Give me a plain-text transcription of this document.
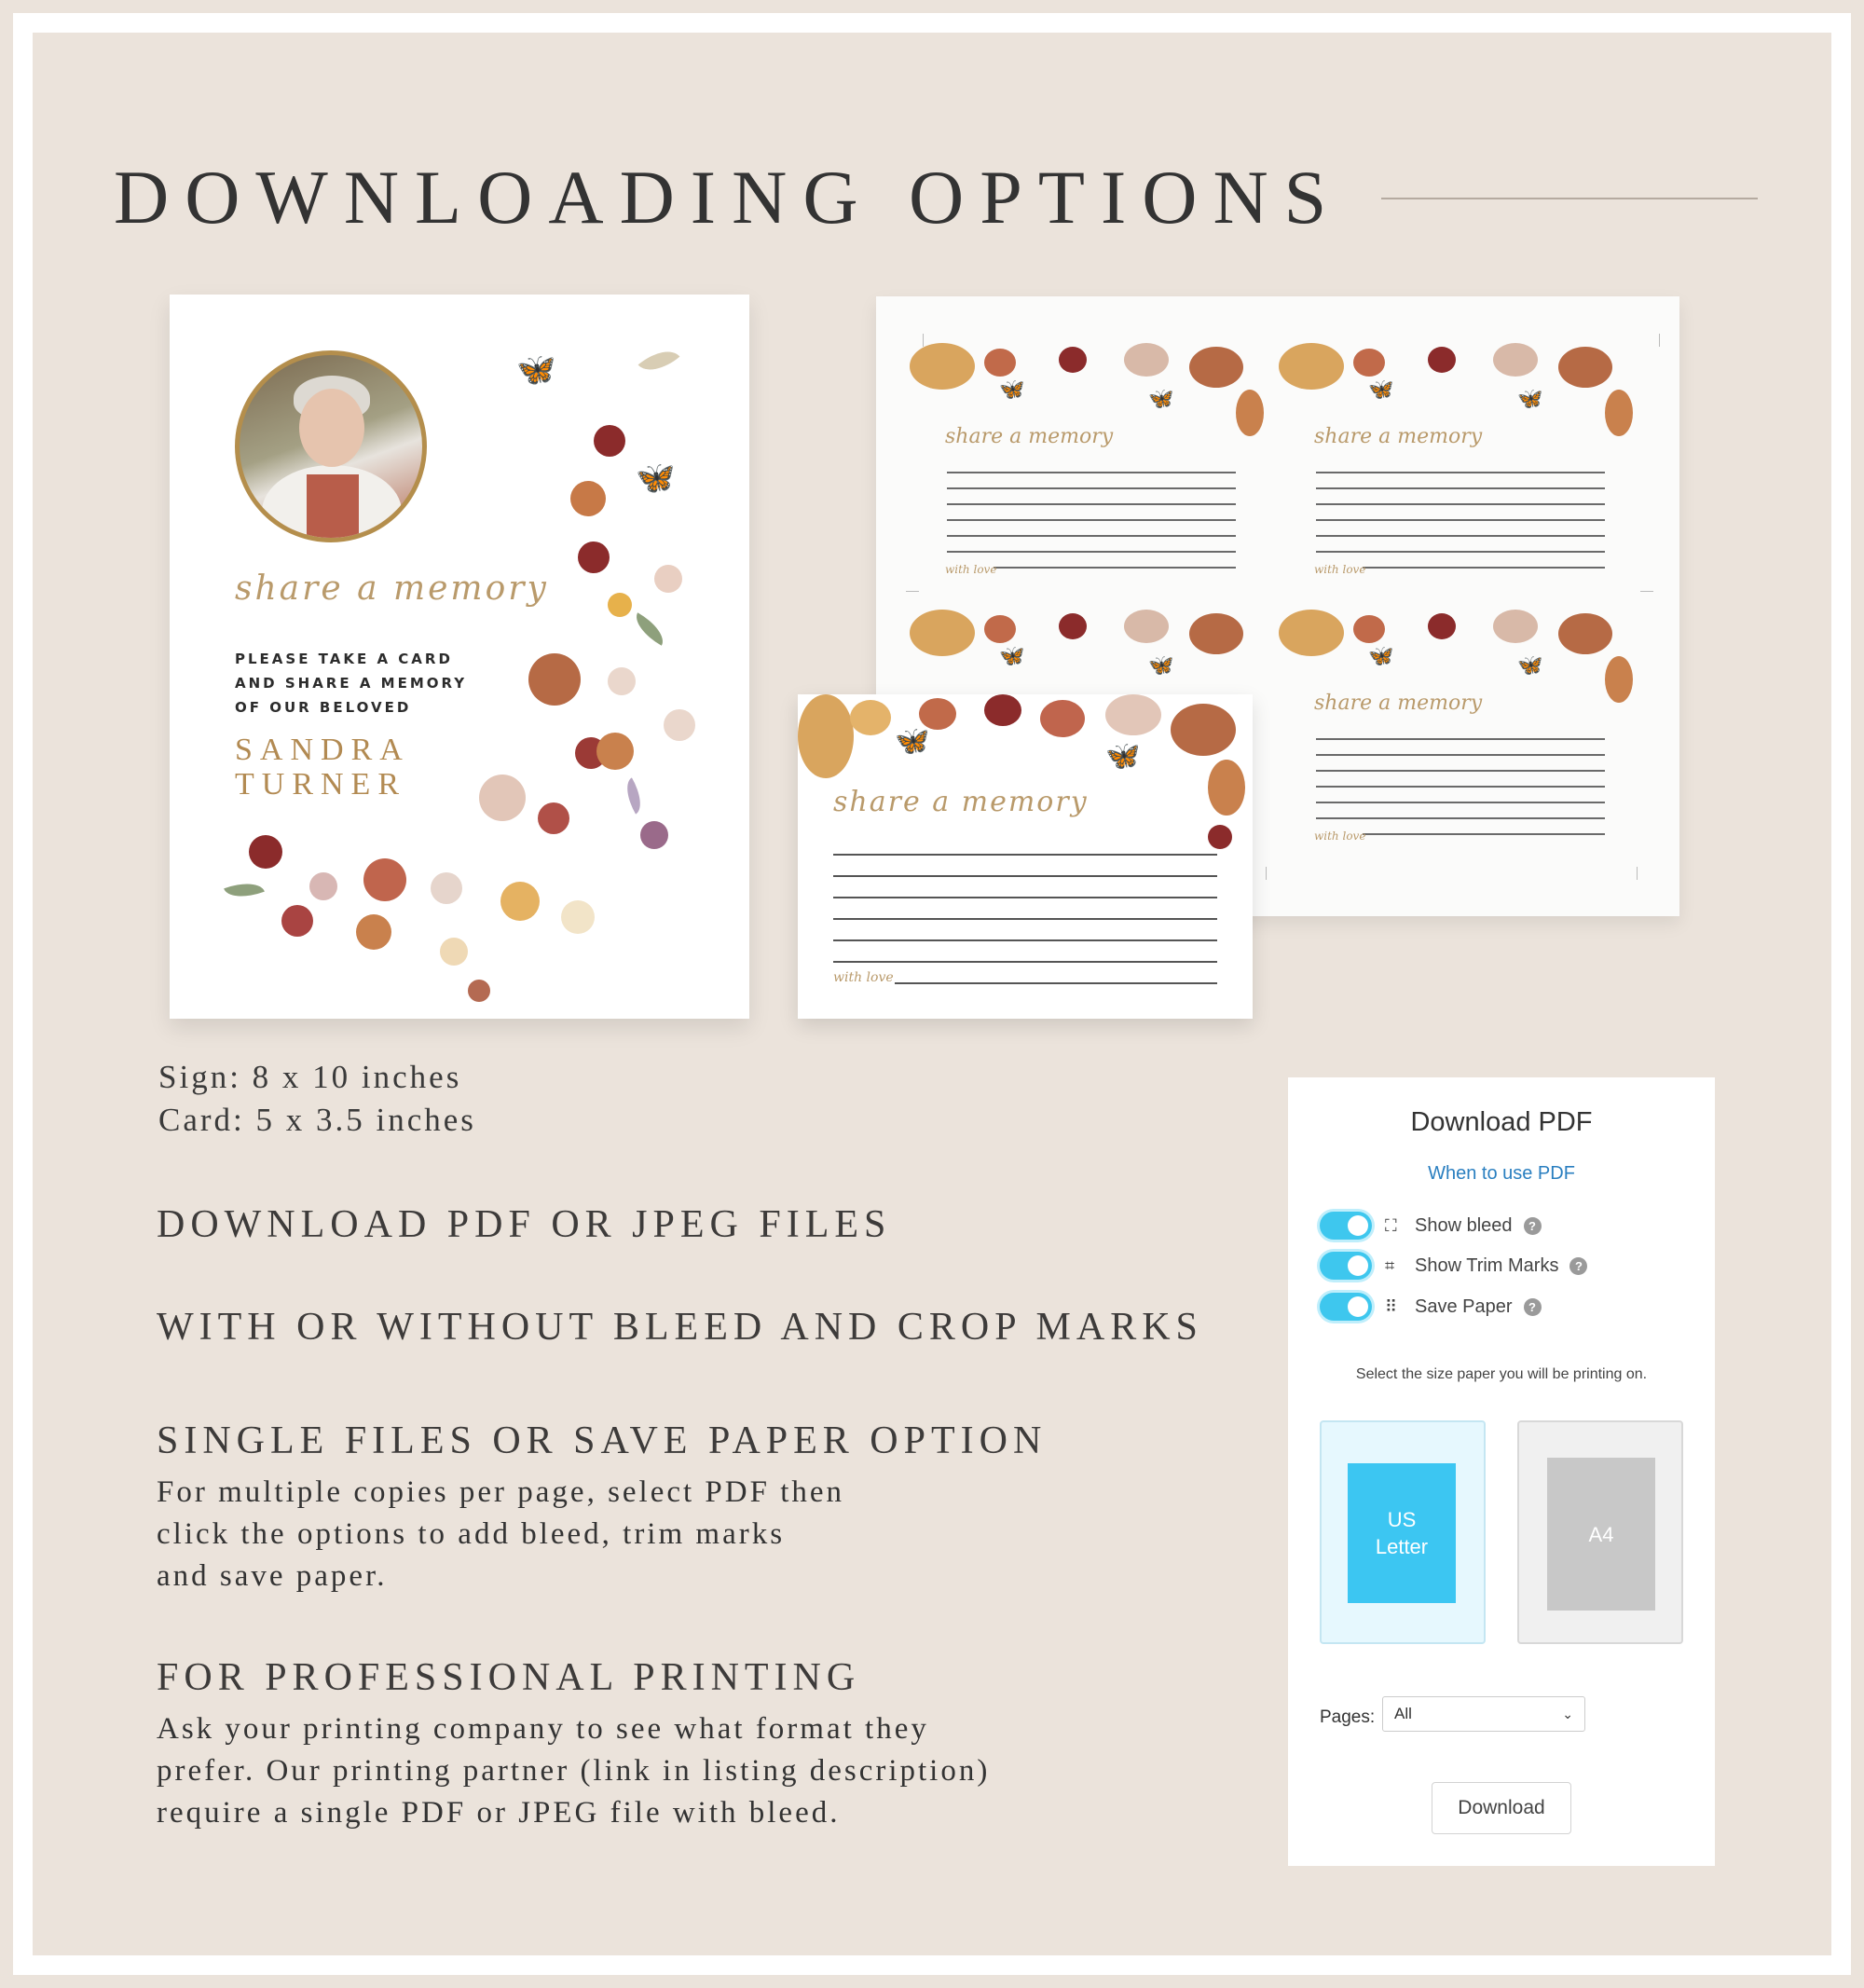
DOWNLOADING OPTIONS
share a memory
PLEASE TAKE A CARD
AND SHARE A MEMORY
OF OUR BELOVED
SANDRA
TURNER
🦋
🦋
🦋	🦋
share a memory
with love
🦋	🦋
share a memory
with love
🦋	🦋	🦋	🦋
share a memory
with love
🦋	🦋
share a memory
with love
Sign: 8 x 10 inches
Card: 5 x 3.5 inches
DOWNLOAD PDF OR JPEG FILES
WITH OR WITHOUT BLEED AND CROP MARKS
SINGLE FILES OR SAVE PAPER OPTION
For multiple copies per page, select PDF then
click the options to add bleed, trim marks
and save paper.
FOR PROFESSIONAL PRINTING
Ask your printing company to see what format they
prefer. Our printing partner (link in listing description)
require a single PDF or JPEG file with bleed.
Download PDF
When to use PDF
⛶ Show bleed	?
⌗	Show Trim Marks	?
⠿ Save Paper	?
Select the size paper you will be printing on.
US
Letter
A4
Pages: All	⌄
Download
